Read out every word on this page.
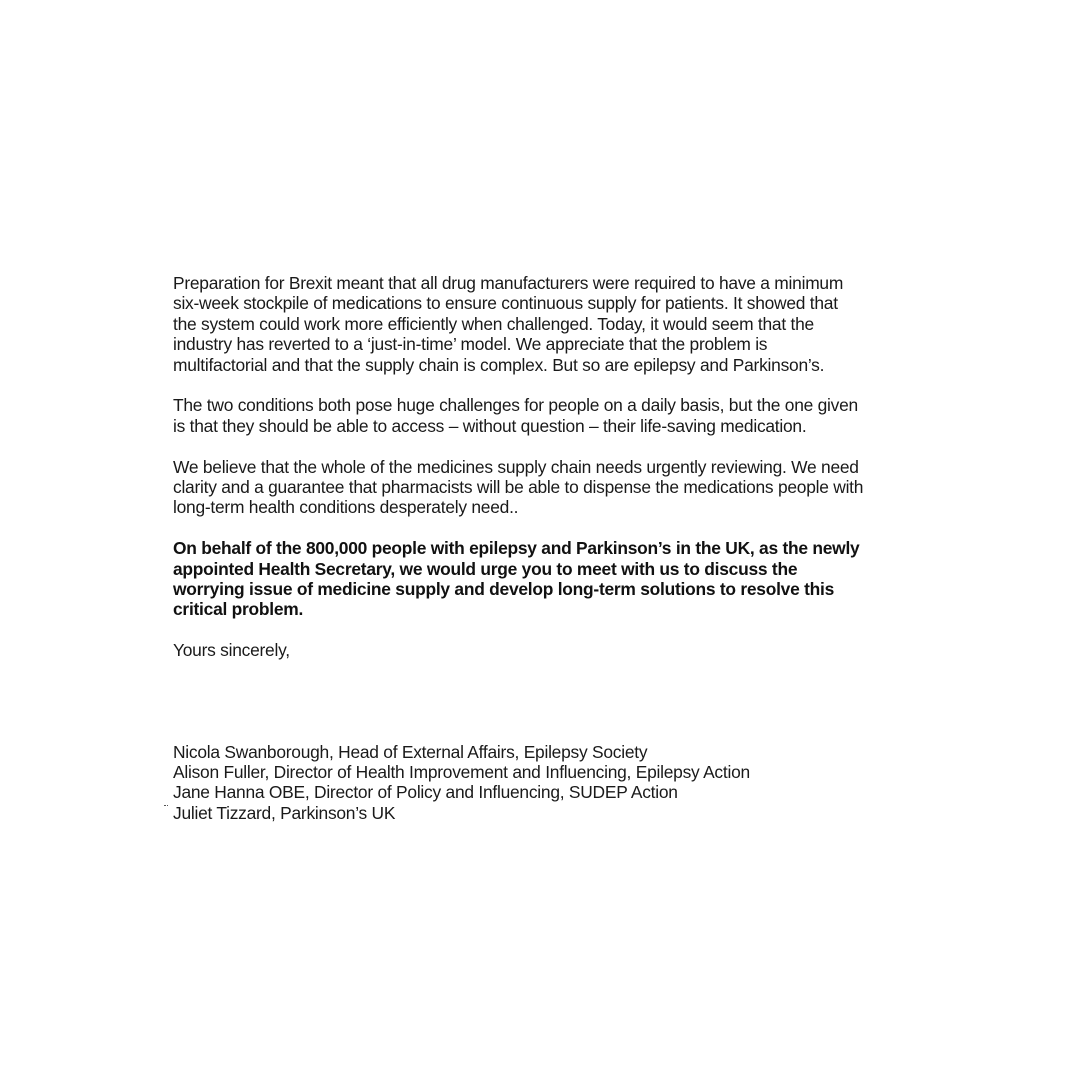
Preparation for Brexit meant that all drug manufacturers were required to have a minimum
six-week stockpile of medications to ensure continuous supply for patients. It showed that
the system could work more efficiently when challenged. Today, it would seem that the
industry has reverted to a ‘just-in-time’ model. We appreciate that the problem is
multifactorial and that the supply chain is complex. But so are epilepsy and Parkinson’s.
The two conditions both pose huge challenges for people on a daily basis, but the one given
is that they should be able to access – without question – their life-saving medication.
We believe that the whole of the medicines supply chain needs urgently reviewing. We need
clarity and a guarantee that pharmacists will be able to dispense the medications people with
long-term health conditions desperately need..
On behalf of the 800,000 people with epilepsy and Parkinson’s in the UK, as the newly
appointed Health Secretary, we would urge you to meet with us to discuss the
worrying issue of medicine supply and develop long-term solutions to resolve this
critical problem.
Yours sincerely,
Nicola Swanborough, Head of External Affairs, Epilepsy Society
Alison Fuller, Director of Health Improvement and Influencing, Epilepsy Action
Jane Hanna OBE, Director of Policy and Influencing, SUDEP Action
Juliet Tizzard, Parkinson’s UK
